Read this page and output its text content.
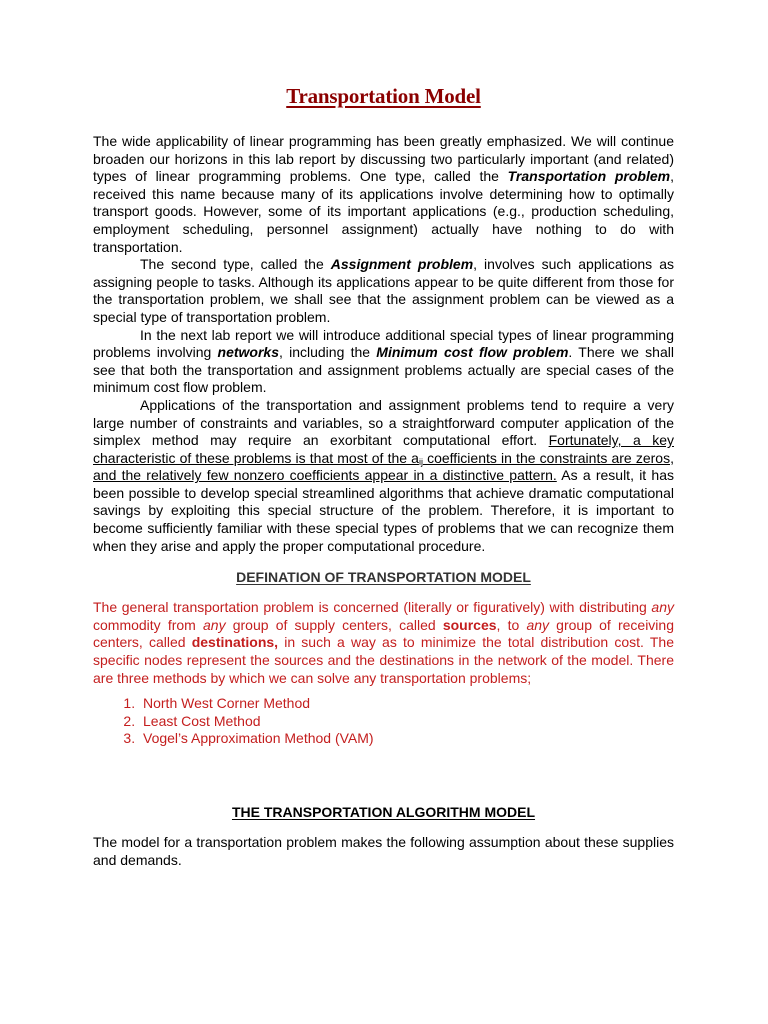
Transportation Model

The wide applicability of linear programming has been greatly emphasized. We will continue broaden our horizons in this lab report by discussing two particularly important (and related) types of linear programming problems. One type, called the Transportation problem, received this name because many of its applications involve determining how to optimally transport goods. However, some of its important applications (e.g., production scheduling, employment scheduling, personnel assignment) actually have nothing to do with transportation.

The second type, called the Assignment problem, involves such applications as assigning people to tasks. Although its applications appear to be quite different from those for the transportation problem, we shall see that the assignment problem can be viewed as a special type of transportation problem.

In the next lab report we will introduce additional special types of linear programming problems involving networks, including the Minimum cost flow problem. There we shall see that both the transportation and assignment problems actually are special cases of the minimum cost flow problem.

Applications of the transportation and assignment problems tend to require a very large number of constraints and variables, so a straightforward computer application of the simplex method may require an exorbitant computational effort. Fortunately, a key characteristic of these problems is that most of the $a_{ij}$ coefficients in the constraints are zeros, and the relatively few nonzero coefficients appear in a distinctive pattern. As a result, it has been possible to develop special streamlined algorithms that achieve dramatic computational savings by exploiting this special structure of the problem. Therefore, it is important to become sufficiently familiar with these special types of problems that we can recognize them when they arise and apply the proper computational procedure.

DEFINATION OF TRANSPORTATION MODEL

The general transportation problem is concerned (literally or figuratively) with distributing any commodity from any group of supply centers, called sources, to any group of receiving centers, called destinations, in such a way as to minimize the total distribution cost. The specific nodes represent the sources and the destinations in the network of the model. There are three methods by which we can solve any transportation problems;

1. North West Corner Method
2. Least Cost Method
3. Vogel’s Approximation Method (VAM)
THE TRANSPORTATION ALGORITHM MODEL

The model for a transportation problem makes the following assumption about these supplies and demands.
